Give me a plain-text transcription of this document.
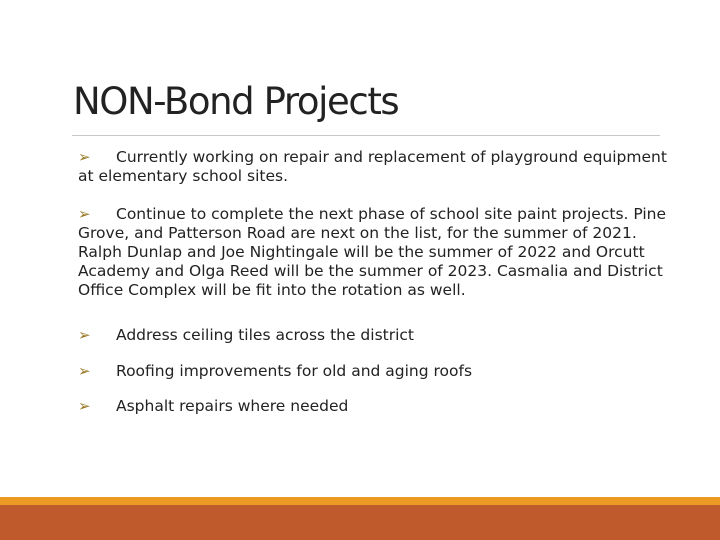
NON-Bond Projects
➢ Currently working on repair and replacement of playground equipment
at elementary school sites.
➢ Continue to complete the next phase of school site paint projects. Pine
Grove, and Patterson Road are next on the list, for the summer of 2021.
Ralph Dunlap and Joe Nightingale will be the summer of 2022 and Orcutt
Academy and Olga Reed will be the summer of 2023. Casmalia and District
Office Complex will be fit into the rotation as well.
➢ Address ceiling tiles across the district
➢ Roofing improvements for old and aging roofs
➢ Asphalt repairs where needed
